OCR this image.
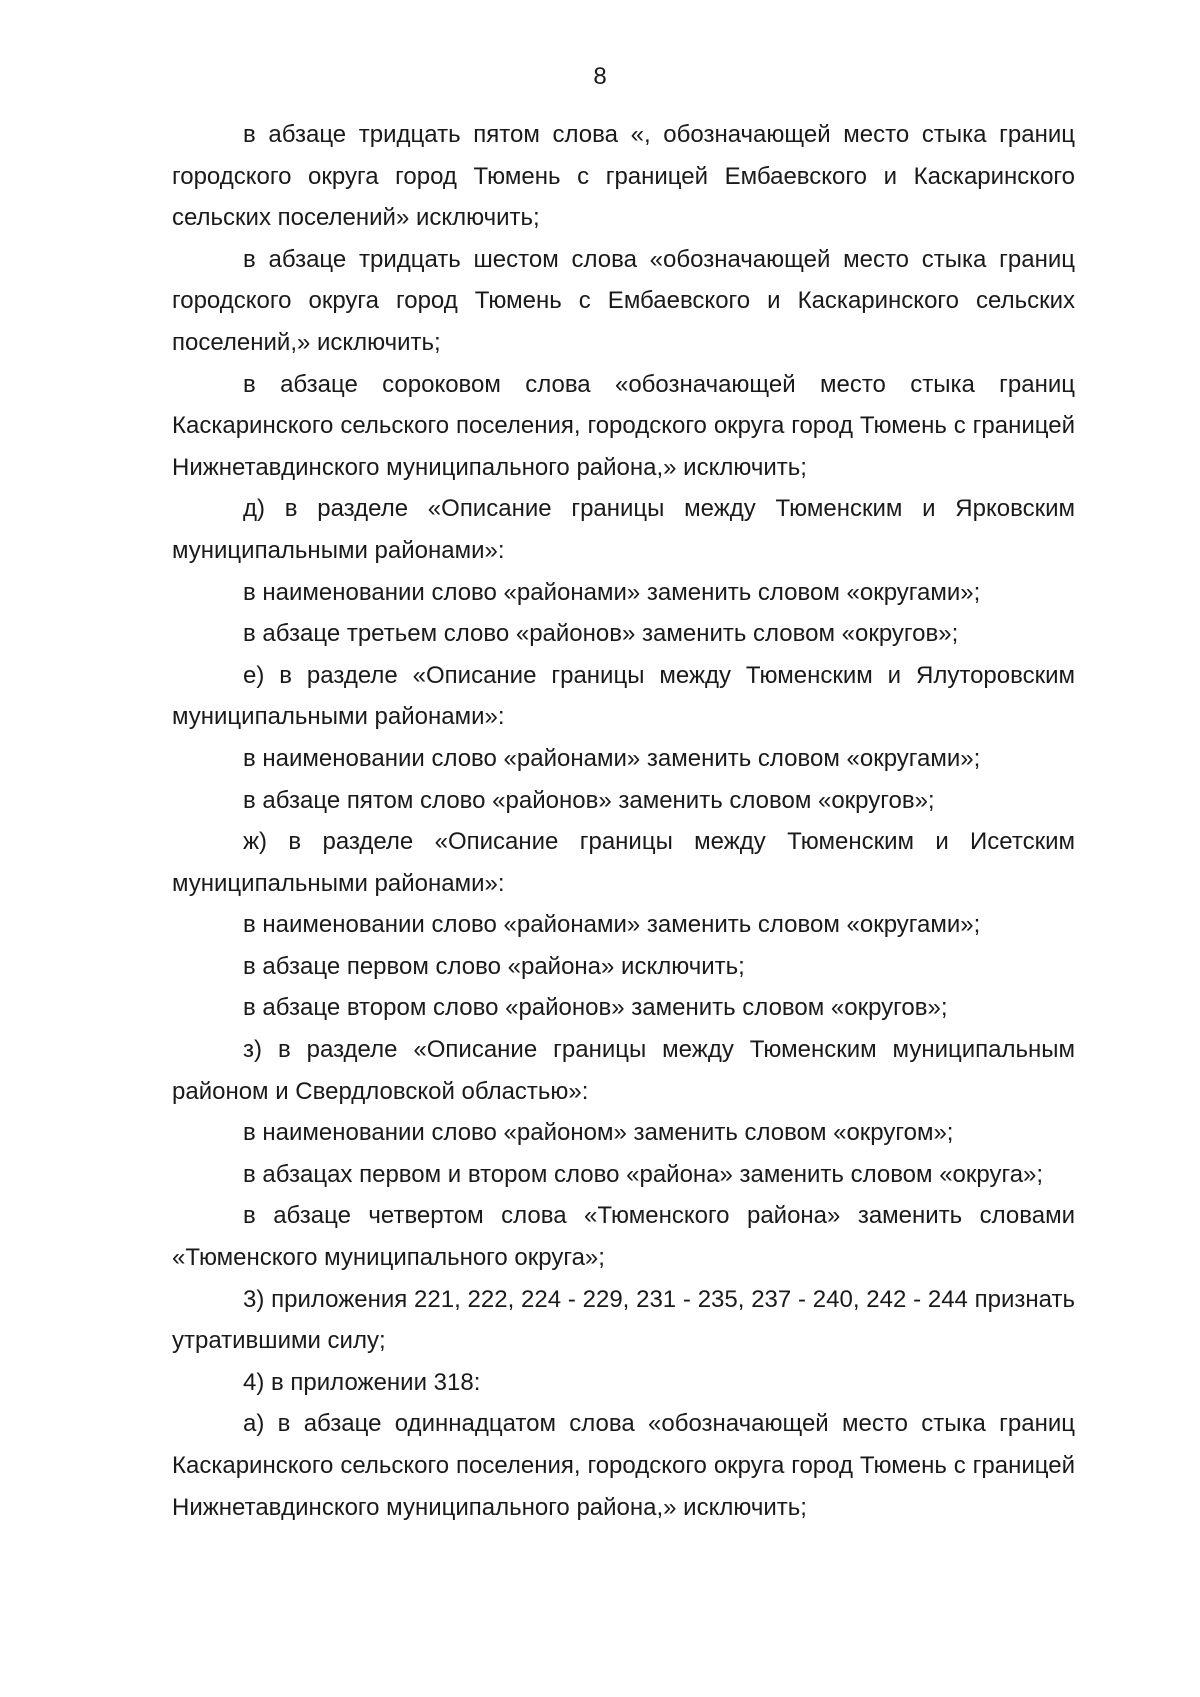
8

в абзаце тридцать пятом слова «, обозначающей место стыка границ городского округа город Тюмень с границей Ембаевского и Каскаринского сельских поселений» исключить;

в абзаце тридцать шестом слова «обозначающей место стыка границ городского округа город Тюмень с Ембаевского и Каскаринского сельских поселений,» исключить;

в абзаце сороковом слова «обозначающей место стыка границ Каскаринского сельского поселения, городского округа город Тюмень с границей Нижнетавдинского муниципального района,» исключить;

д) в разделе «Описание границы между Тюменским и Ярковским муниципальными районами»:

в наименовании слово «районами» заменить словом «округами»;

в абзаце третьем слово «районов» заменить словом «округов»;

е) в разделе «Описание границы между Тюменским и Ялуторовским муниципальными районами»:

в наименовании слово «районами» заменить словом «округами»;

в абзаце пятом слово «районов» заменить словом «округов»;

ж) в разделе «Описание границы между Тюменским и Исетским муниципальными районами»:

в наименовании слово «районами» заменить словом «округами»;

в абзаце первом слово «района» исключить;

в абзаце втором слово «районов» заменить словом «округов»;

з) в разделе «Описание границы между Тюменским муниципальным районом и Свердловской областью»:

в наименовании слово «районом» заменить словом «округом»;

в абзацах первом и втором слово «района» заменить словом «округа»;

в абзаце четвертом слова «Тюменского района» заменить словами «Тюменского муниципального округа»;

3) приложения 221, 222, 224 - 229, 231 - 235, 237 - 240, 242 - 244 признать утратившими силу;

4) в приложении 318:

а) в абзаце одиннадцатом слова «обозначающей место стыка границ Каскаринского сельского поселения, городского округа город Тюмень с границей Нижнетавдинского муниципального района,» исключить;
